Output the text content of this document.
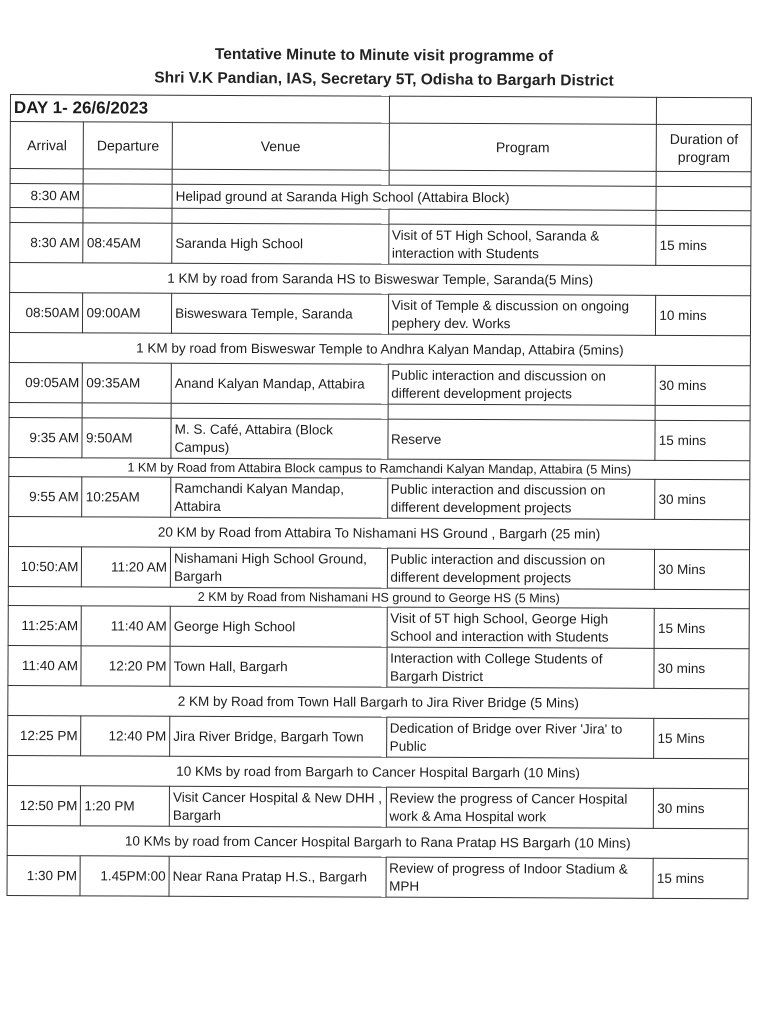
Tentative Minute to Minute visit programme of
Shri V.K Pandian, IAS, Secretary 5T, Odisha to Bargarh District
DAY 1- 26/6/2023				
Arrival	Departure	Venue	Program	Duration of program

8:30 AM		Helipad ground at Saranda High School (Attabira Block)		

8:30 AM	08:45AM	Saranda High School	Visit of 5T High School, Saranda & interaction with Students	15 mins
1 KM by road from Saranda HS to Bisweswar Temple, Saranda(5 Mins)				
08:50AM	09:00AM	Bisweswara Temple, Saranda	Visit of Temple & discussion on ongoing pephery dev. Works	10 mins
1 KM by road from Bisweswar Temple to Andhra Kalyan Mandap, Attabira (5mins)				
09:05AM	09:35AM	Anand Kalyan Mandap, Attabira	Public interaction and discussion on different development projects	30 mins

9:35 AM	9:50AM	M. S. Café, Attabira (Block Campus)	Reserve	15 mins
1 KM by Road from Attabira Block campus to Ramchandi Kalyan Mandap, Attabira (5 Mins)				
9:55 AM	10:25AM	Ramchandi Kalyan Mandap, Attabira	Public interaction and discussion on different development projects	30 mins
20 KM by Road from Attabira To Nishamani HS Ground , Bargarh (25 min)				
10:50:AM	11:20 AM	Nishamani High School Ground, Bargarh	Public interaction and discussion on different development projects	30 Mins
2 KM by Road from Nishamani HS ground to George HS (5 Mins)				
11:25:AM	11:40 AM	George High School	Visit of 5T high School, George High School and interaction with Students	15 Mins
11:40 AM	12:20 PM	Town Hall, Bargarh	Interaction with College Students of Bargarh District	30 mins
2 KM by Road from Town Hall Bargarh to Jira River Bridge (5 Mins)				
12:25 PM	12:40 PM	Jira River Bridge, Bargarh Town	Dedication of Bridge over River 'Jira' to Public	15 Mins
10 KMs by road from Bargarh to Cancer Hospital Bargarh (10 Mins)				
12:50 PM	1:20 PM	Visit Cancer Hospital & New DHH , Bargarh	Review the progress of Cancer Hospital work & Ama Hospital work	30 mins
10 KMs by road from Cancer Hospital Bargarh to Rana Pratap HS Bargarh (10 Mins)				
1:30 PM	1.45PM:00	Near Rana Pratap H.S., Bargarh	Review of progress of Indoor Stadium & MPH	15 mins
